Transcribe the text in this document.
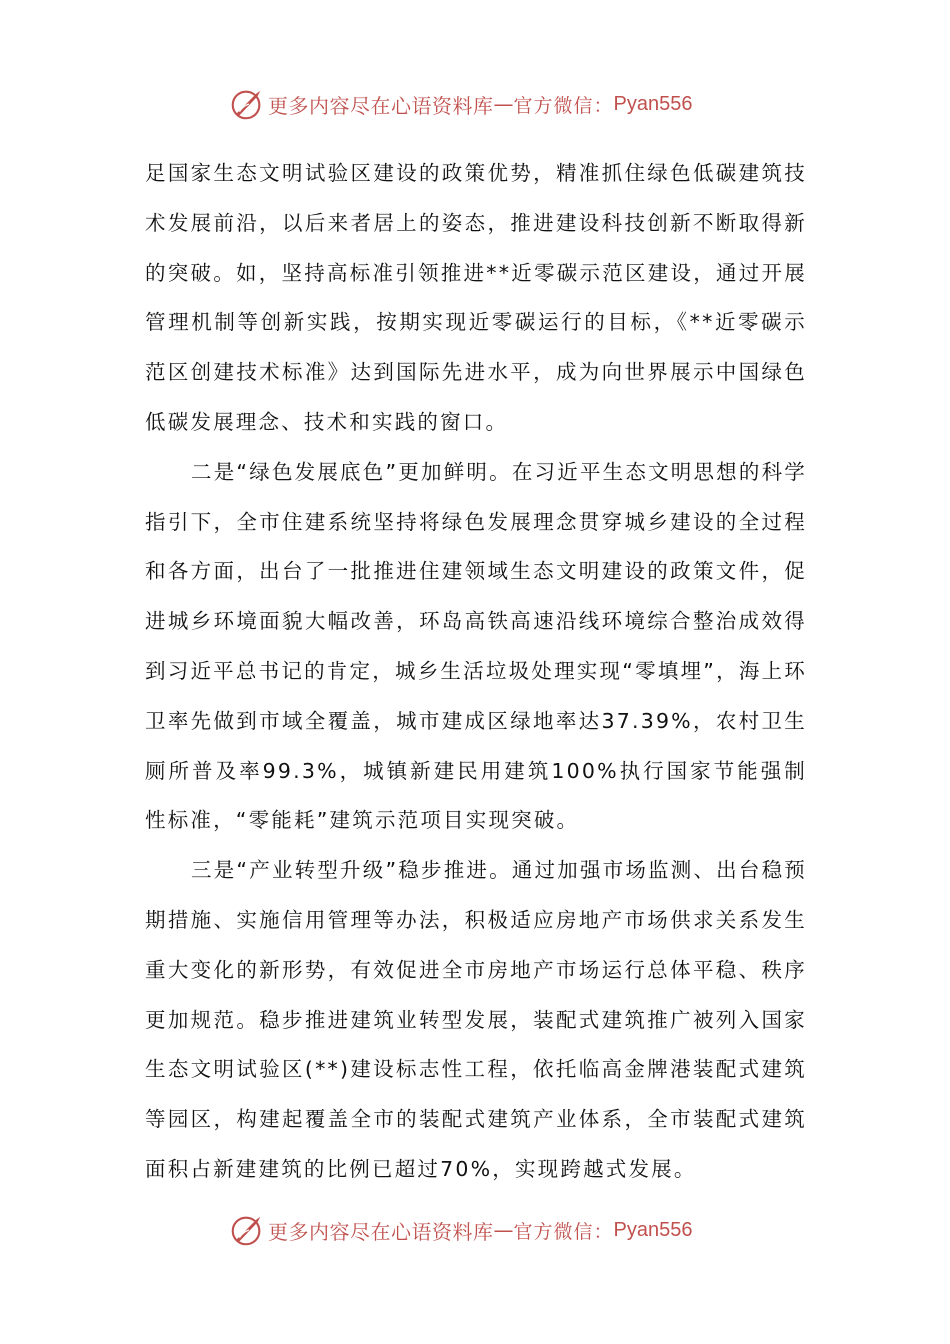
更多内容尽在心语资料库 — 官方微信： Pyan556

足国家生态文明试验区建设的政策优势，精准抓住绿色低碳建筑技术发展前沿，以后来者居上的姿态，推进建设科技创新不断取得新的突破。如，坚持高标准引领推进**近零碳示范区建设，通过开展管理机制等创新实践，按期实现近零碳运行的目标，《**近零碳示范区创建技术标准》达到国际先进水平，成为向世界展示中国绿色低碳发展理念、技术和实践的窗口。

二是“绿色发展底色”更加鲜明。在习近平生态文明思想的科学指引下，全市住建系统坚持将绿色发展理念贯穿城乡建设的全过程和各方面，出台了一批推进住建领域生态文明建设的政策文件，促进城乡环境面貌大幅改善，环岛高铁高速沿线环境综合整治成效得到习近平总书记的肯定，城乡生活垃圾处理实现“零填埋”，海上环卫率先做到市域全覆盖，城市建成区绿地率达37.39%，农村卫生厕所普及率99.3%，城镇新建民用建筑100%执行国家节能强制性标准，“零能耗”建筑示范项目实现突破。

三是“产业转型升级”稳步推进。通过加强市场监测、出台稳预期措施、实施信用管理等办法，积极适应房地产市场供求关系发生重大变化的新形势，有效促进全市房地产市场运行总体平稳、秩序更加规范。稳步推进建筑业转型发展，装配式建筑推广被列入国家生态文明试验区(**)建设标志性工程，依托临高金牌港装配式建筑等园区，构建起覆盖全市的装配式建筑产业体系，全市装配式建筑面积占新建建筑的比例已超过70%，实现跨越式发展。

更多内容尽在心语资料库 — 官方微信： Pyan556
